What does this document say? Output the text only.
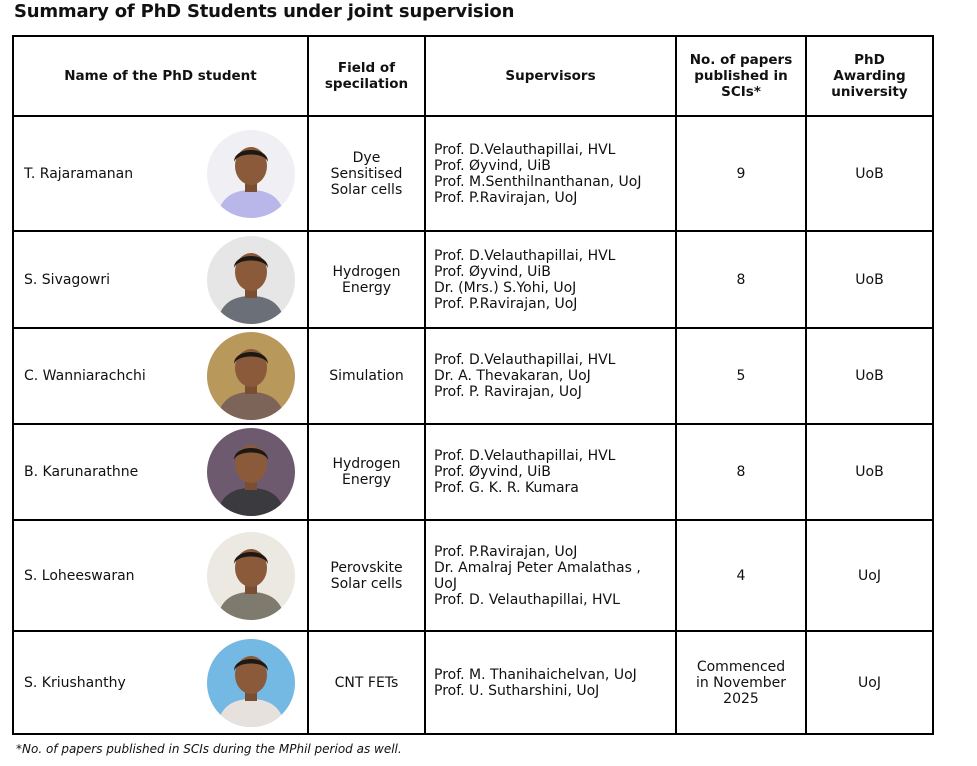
Summary of PhD Students under joint supervision
Name of the PhD student	Field of
specilation	Supervisors	No. of papers
published in
SCIs*	PhD
Awarding
university

T. Rajaramanan	Dye
Sensitised
Solar cells	Prof. D.Velauthapillai, HVL
Prof. Øyvind, UiB
Prof. M.Senthilnanthanan, UoJ
Prof. P.Ravirajan, UoJ	9	UoB

S. Sivagowri	Hydrogen
Energy	Prof. D.Velauthapillai, HVL
Prof. Øyvind, UiB
Dr. (Mrs.) S.Yohi, UoJ
Prof. P.Ravirajan, UoJ	8	UoB

C. Wanniarachchi	Simulation	Prof. D.Velauthapillai, HVL
Dr. A. Thevakaran, UoJ
Prof. P. Ravirajan, UoJ	5	UoB

B. Karunarathne	Hydrogen
Energy	Prof. D.Velauthapillai, HVL
Prof. Øyvind, UiB
Prof. G. K. R. Kumara	8	UoB

S. Loheeswaran	Perovskite
Solar cells	Prof. P.Ravirajan, UoJ
Dr. Amalraj Peter Amalathas ,
UoJ
Prof. D. Velauthapillai, HVL	4	UoJ

S. Kriushanthy	CNT FETs	Prof. M. Thanihaichelvan, UoJ
Prof. U. Sutharshini, UoJ	Commenced
in November
2025	UoJ
*No. of papers published in SCIs during the MPhil period as well.
